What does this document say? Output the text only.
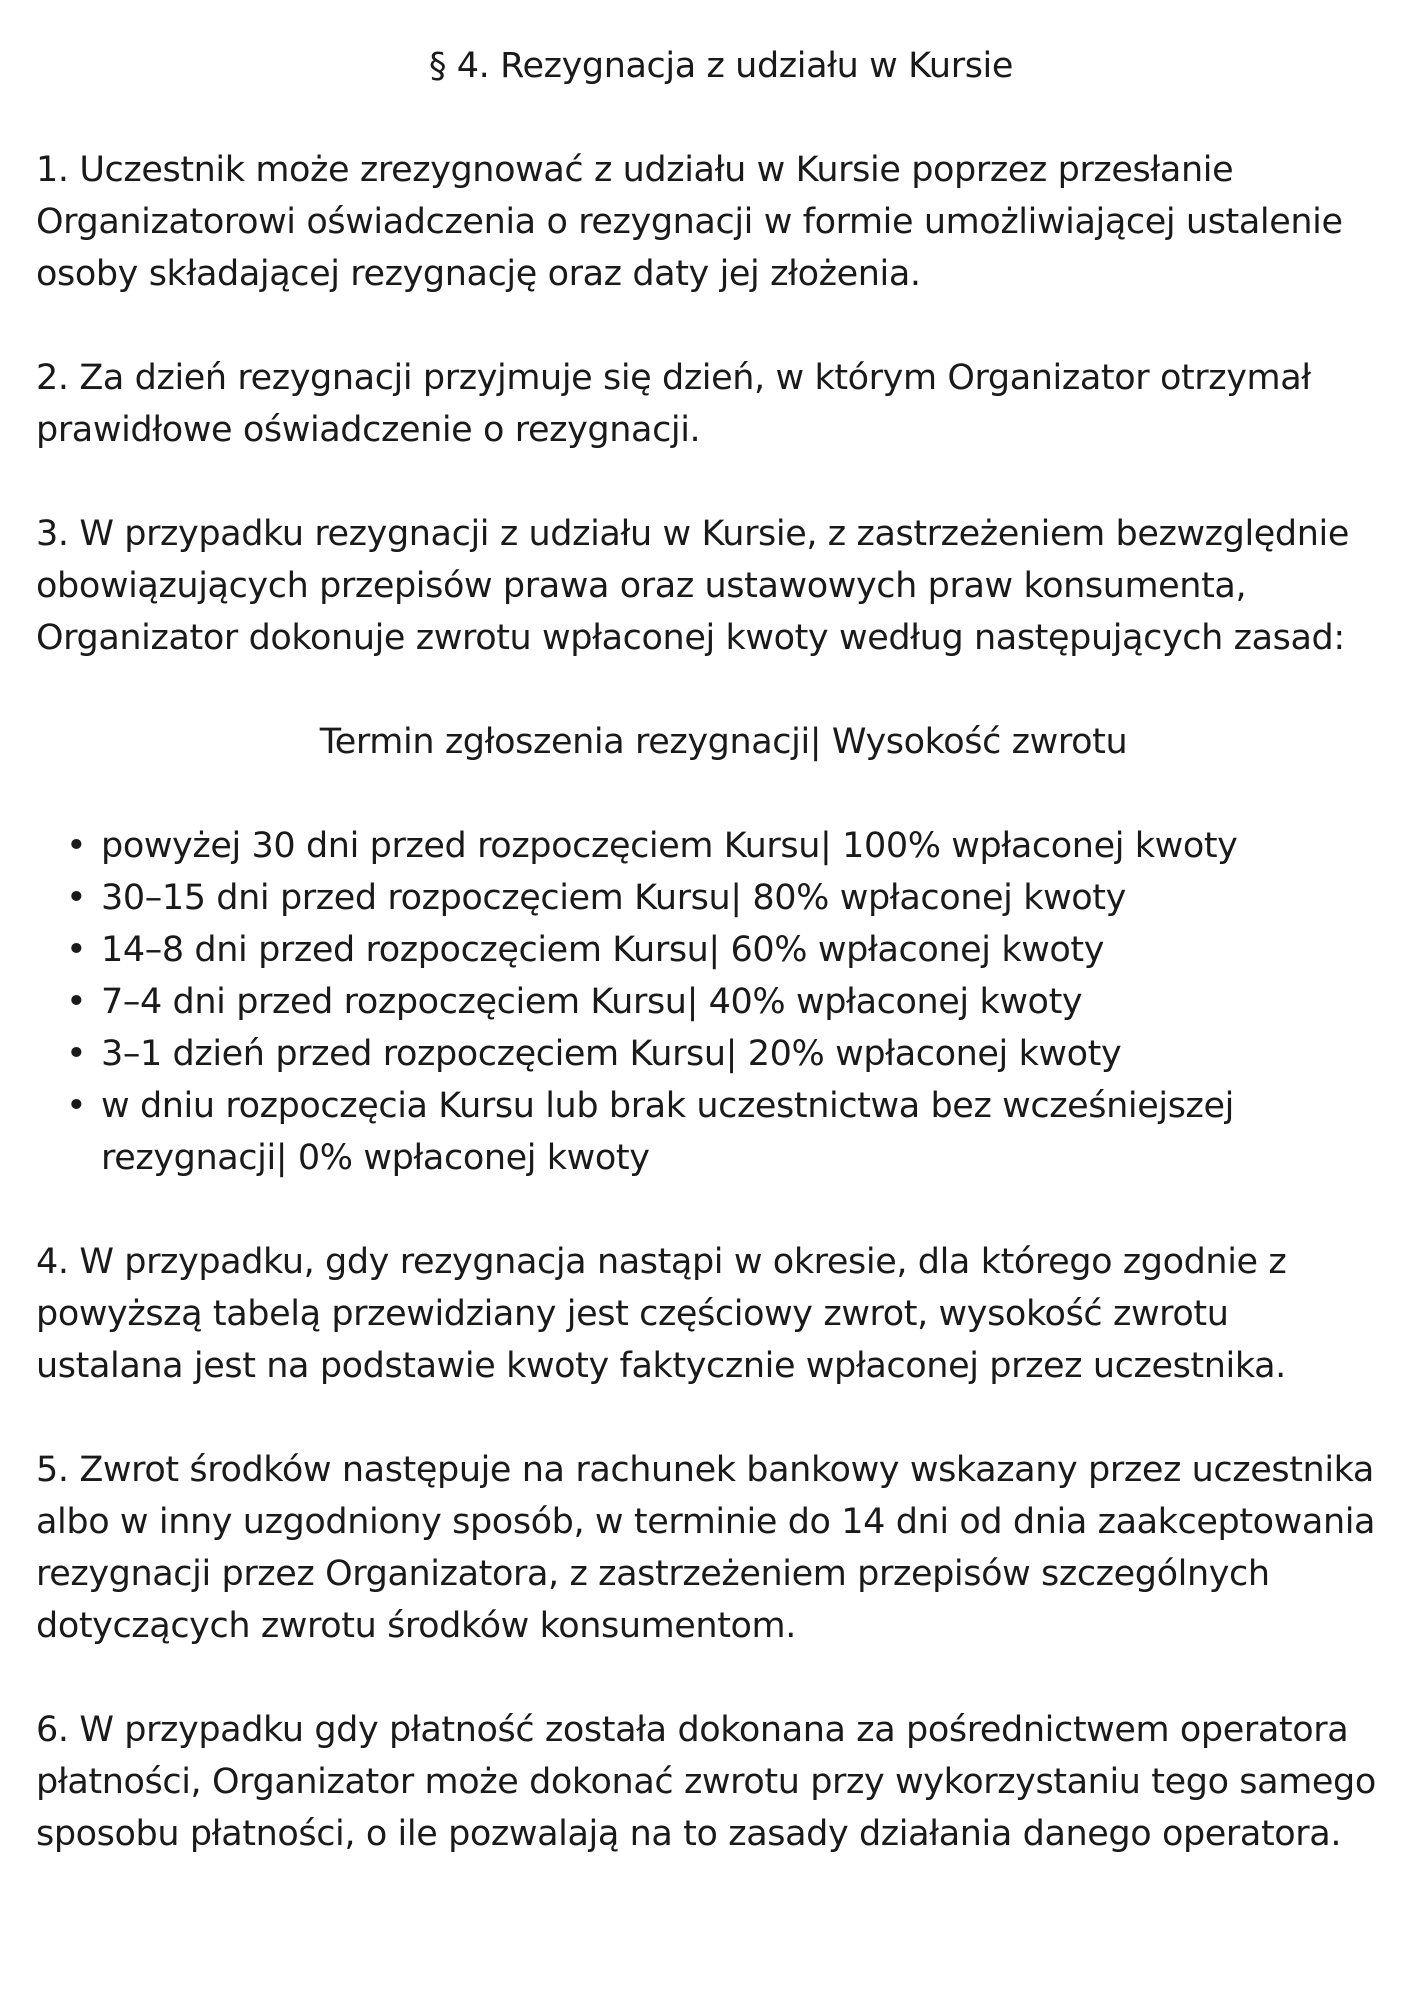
§ 4. Rezygnacja z udziału w Kursie

1. Uczestnik może zrezygnować z udziału w Kursie poprzez przesłanie Organizatorowi oświadczenia o rezygnacji w formie umożliwiającej ustalenie osoby składającej rezygnację oraz daty jej złożenia.

2. Za dzień rezygnacji przyjmuje się dzień, w którym Organizator otrzymał prawidłowe oświadczenie o rezygnacji.

3. W przypadku rezygnacji z udziału w Kursie, z zastrzeżeniem bezwzględnie obowiązujących przepisów prawa oraz ustawowych praw konsumenta, Organizator dokonuje zwrotu wpłaconej kwoty według następujących zasad:

Termin zgłoszenia rezygnacji| Wysokość zwrotu
• powyżej 30 dni przed rozpoczęciem Kursu| 100% wpłaconej kwoty
• 30–15 dni przed rozpoczęciem Kursu| 80% wpłaconej kwoty
• 14–8 dni przed rozpoczęciem Kursu| 60% wpłaconej kwoty
• 7–4 dni przed rozpoczęciem Kursu| 40% wpłaconej kwoty
• 3–1 dzień przed rozpoczęciem Kursu| 20% wpłaconej kwoty
• w dniu rozpoczęcia Kursu lub brak uczestnictwa bez wcześniejszej rezygnacji| 0% wpłaconej kwoty

4. W przypadku, gdy rezygnacja nastąpi w okresie, dla którego zgodnie z powyższą tabelą przewidziany jest częściowy zwrot, wysokość zwrotu ustalana jest na podstawie kwoty faktycznie wpłaconej przez uczestnika.

5. Zwrot środków następuje na rachunek bankowy wskazany przez uczestnika albo w inny uzgodniony sposób, w terminie do 14 dni od dnia zaakceptowania rezygnacji przez Organizatora, z zastrzeżeniem przepisów szczególnych dotyczących zwrotu środków konsumentom.

6. W przypadku gdy płatność została dokonana za pośrednictwem operatora płatności, Organizator może dokonać zwrotu przy wykorzystaniu tego samego sposobu płatności, o ile pozwalają na to zasady działania danego operatora.
